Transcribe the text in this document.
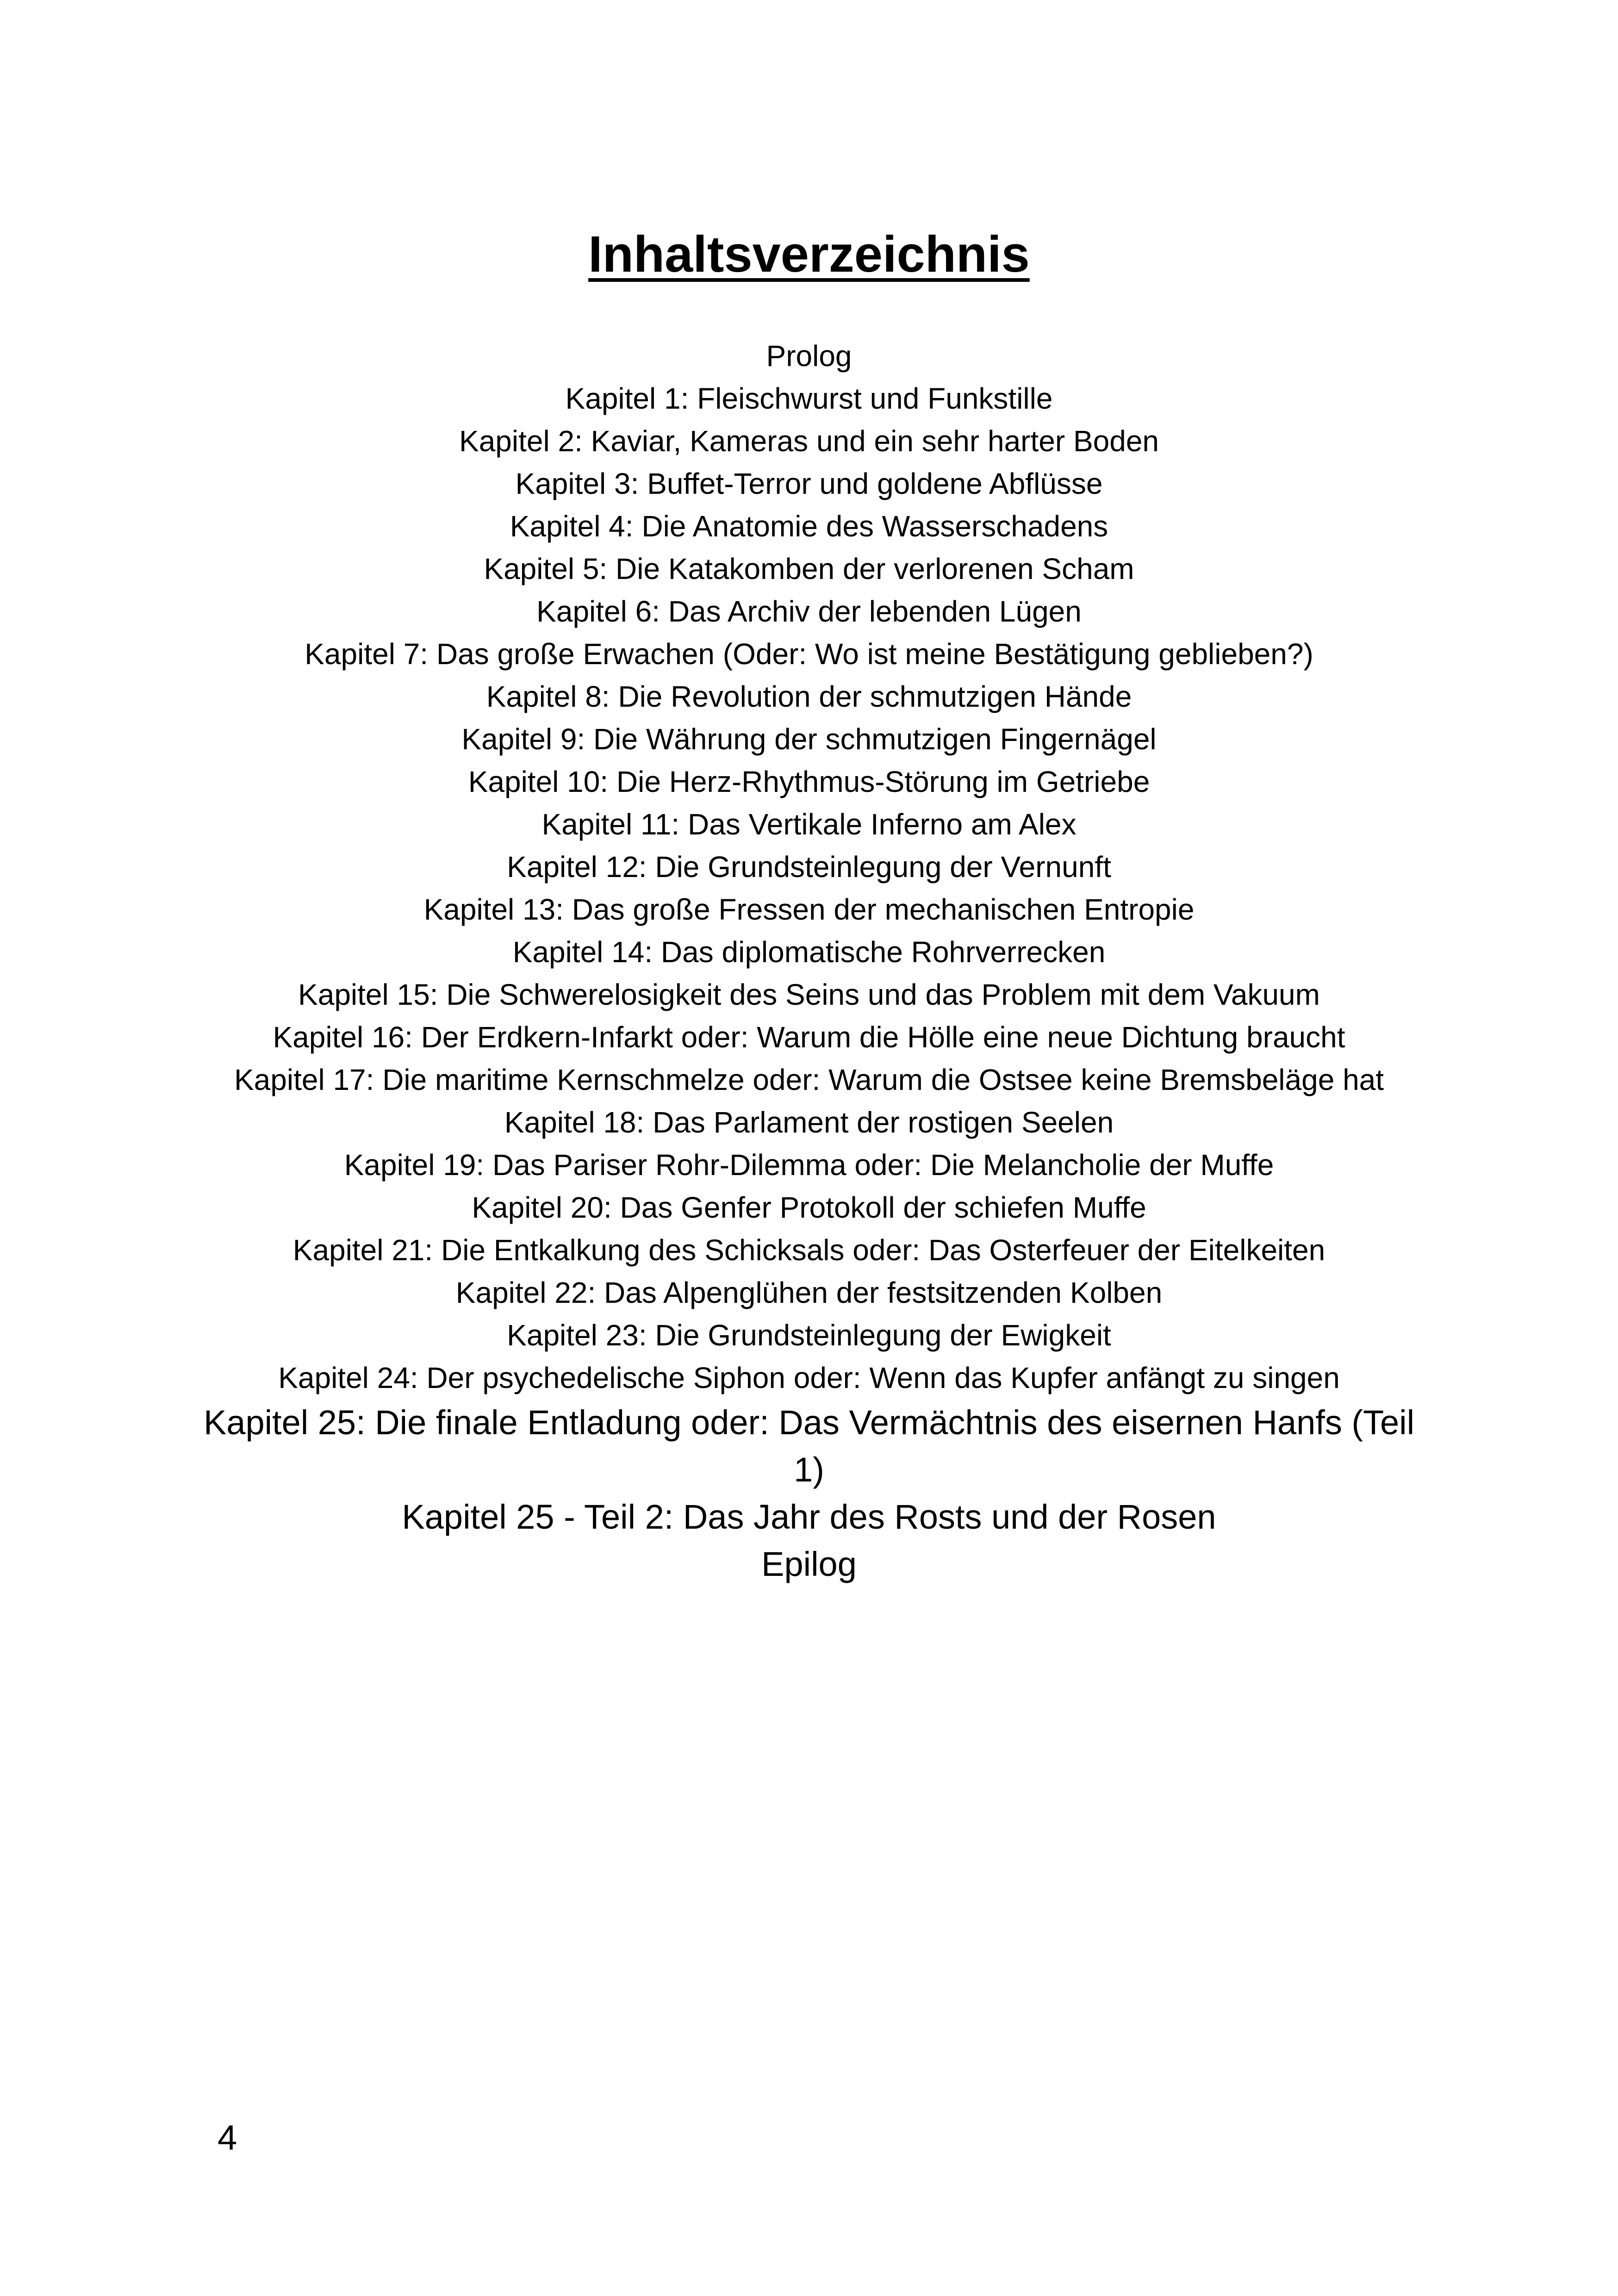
Inhaltsverzeichnis
Prolog
Kapitel 1: Fleischwurst und Funkstille
Kapitel 2: Kaviar, Kameras und ein sehr harter Boden
Kapitel 3: Buffet-Terror und goldene Abflüsse
Kapitel 4: Die Anatomie des Wasserschadens
Kapitel 5: Die Katakomben der verlorenen Scham
Kapitel 6: Das Archiv der lebenden Lügen
Kapitel 7: Das große Erwachen (Oder: Wo ist meine Bestätigung geblieben?)
Kapitel 8: Die Revolution der schmutzigen Hände
Kapitel 9: Die Währung der schmutzigen Fingernägel
Kapitel 10: Die Herz-Rhythmus-Störung im Getriebe
Kapitel 11: Das Vertikale Inferno am Alex
Kapitel 12: Die Grundsteinlegung der Vernunft
Kapitel 13: Das große Fressen der mechanischen Entropie
Kapitel 14: Das diplomatische Rohrverrecken
Kapitel 15: Die Schwerelosigkeit des Seins und das Problem mit dem Vakuum
Kapitel 16: Der Erdkern-Infarkt oder: Warum die Hölle eine neue Dichtung braucht
Kapitel 17: Die maritime Kernschmelze oder: Warum die Ostsee keine Bremsbeläge hat
Kapitel 18: Das Parlament der rostigen Seelen
Kapitel 19: Das Pariser Rohr-Dilemma oder: Die Melancholie der Muffe
Kapitel 20: Das Genfer Protokoll der schiefen Muffe
Kapitel 21: Die Entkalkung des Schicksals oder: Das Osterfeuer der Eitelkeiten
Kapitel 22: Das Alpenglühen der festsitzenden Kolben
Kapitel 23: Die Grundsteinlegung der Ewigkeit
Kapitel 24: Der psychedelische Siphon oder: Wenn das Kupfer anfängt zu singen
Kapitel 25: Die finale Entladung oder: Das Vermächtnis des eisernen Hanfs (Teil 1)
Kapitel 25 - Teil 2: Das Jahr des Rosts und der Rosen
Epilog
4
